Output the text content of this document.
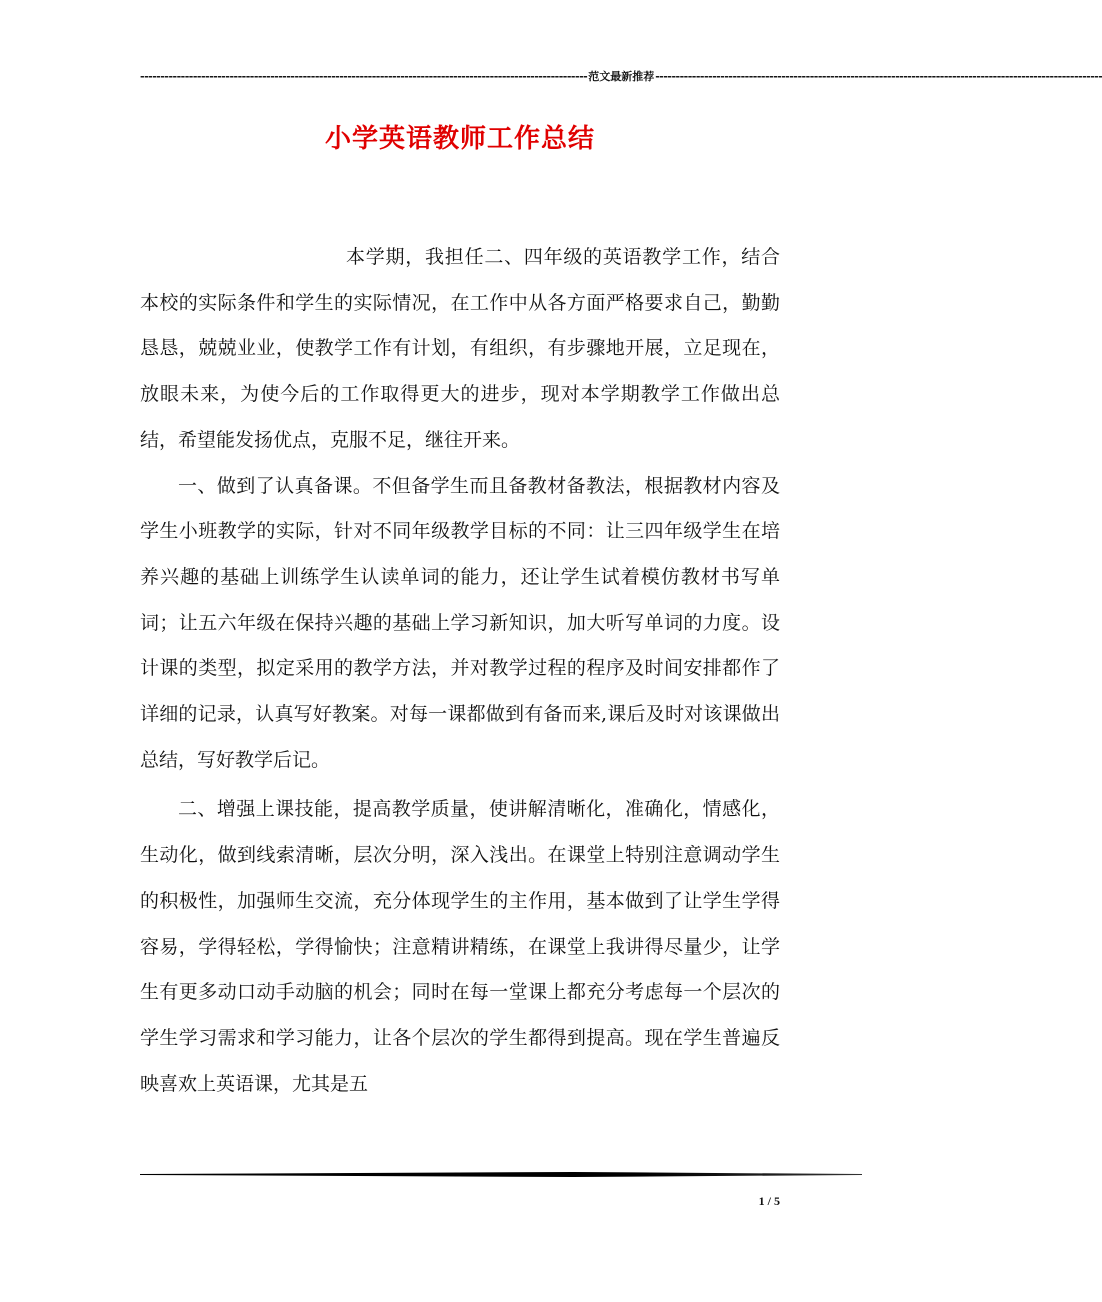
-------------------------------------------------------------------------------------------------------------- 范文最新推荐 --------------------------------------------------------------------------------------------------------------
小学英语教师工作总结

本学期，我担任二、四年级的英语教学工作，结合本校的实际条件和学生的实际情况，在工作中从各方面严格要求自己，勤勤恳恳，兢兢业业，使教学工作有计划，有组织，有步骤地开展，立足现在，放眼未来，为使今后的工作取得更大的进步，现对本学期教学工作做出总结，希望能发扬优点，克服不足，继往开来。

一、做到了认真备课。不但备学生而且备教材备教法，根据教材内容及学生小班教学的实际，针对不同年级教学目标的不同：让三四年级学生在培养兴趣的基础上训练学生认读单词的能力，还让学生试着模仿教材书写单词；让五六年级在保持兴趣的基础上学习新知识，加大听写单词的力度。设计课的类型，拟定采用的教学方法，并对教学过程的程序及时间安排都作了详细的记录，认真写好教案。对每一课都做到有备而来,课后及时对该课做出总结，写好教学后记。

二、增强上课技能，提高教学质量，使讲解清晰化，准确化，情感化，生动化，做到线索清晰，层次分明，深入浅出。在课堂上特别注意调动学生的积极性，加强师生交流，充分体现学生的主作用，基本做到了让学生学得容易，学得轻松，学得愉快；注意精讲精练，在课堂上我讲得尽量少，让学生有更多动口动手动脑的机会；同时在每一堂课上都充分考虑每一个层次的学生学习需求和学习能力，让各个层次的学生都得到提高。现在学生普遍反映喜欢上英语课，尤其是五

1 / 5
